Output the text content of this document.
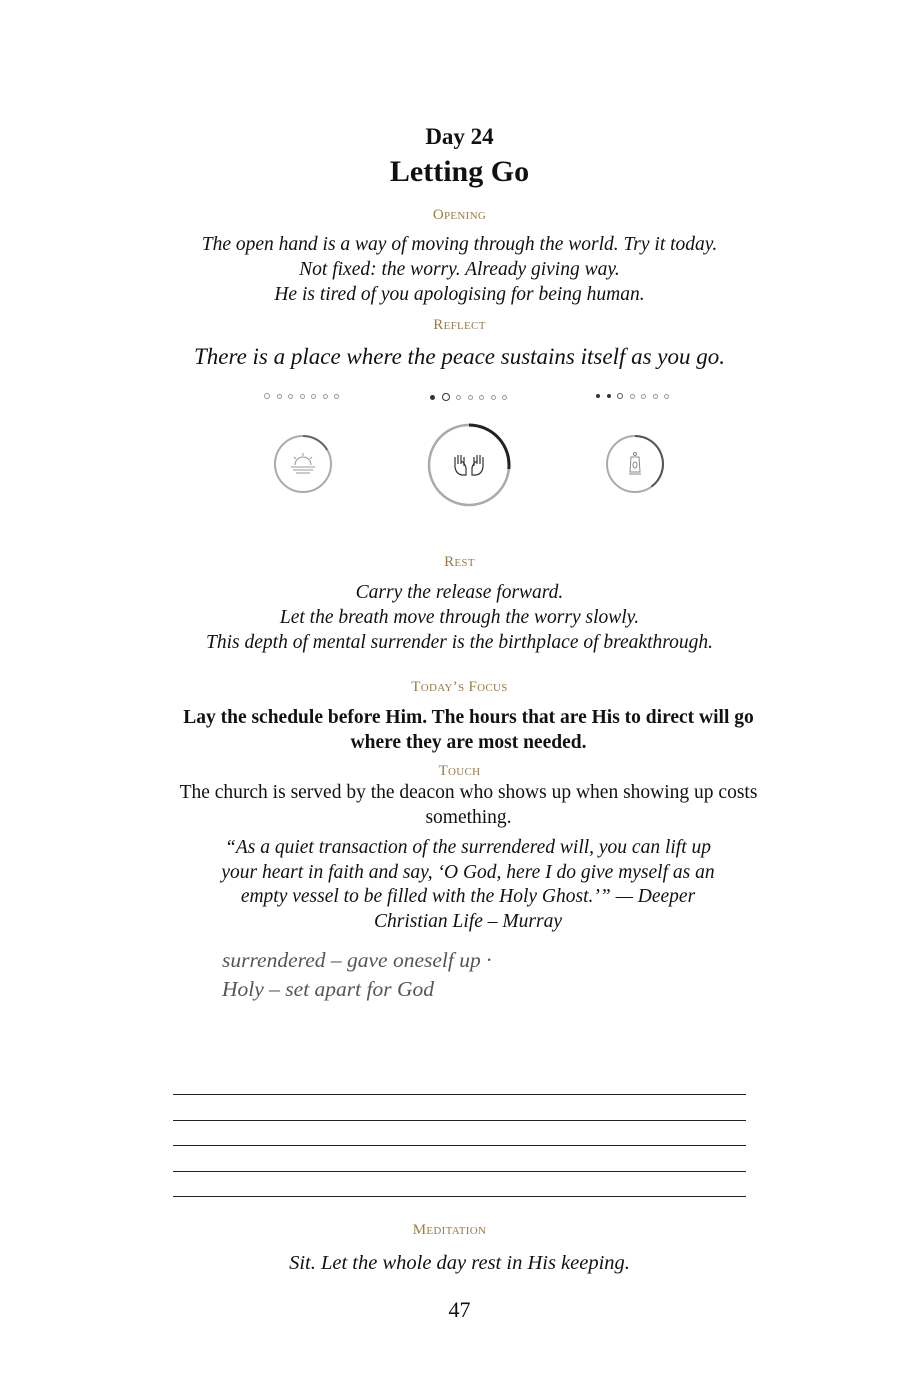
Day 24
Letting Go
Opening
The open hand is a way of moving through the world. Try it today.
Not fixed: the worry. Already giving way.
He is tired of you apologising for being human.
Reflect
There is a place where the peace sustains itself as you go.
Rest
Carry the release forward.
Let the breath move through the worry slowly.
This depth of mental surrender is the birthplace of breakthrough.
Today’s Focus
Lay the schedule before Him. The hours that are His to direct will go where they are most needed.
Touch
The church is served by the deacon who shows up when showing up costs something.
“As a quiet transaction of the surrendered will, you can lift up your heart in faith and say, ‘O God, here I do give myself as an empty vessel to be filled with the Holy Ghost.’” — Deeper Christian Life – Murray
surrendered – gave oneself up ·
Holy – set apart for God
Meditation
Sit. Let the whole day rest in His keeping.
47
